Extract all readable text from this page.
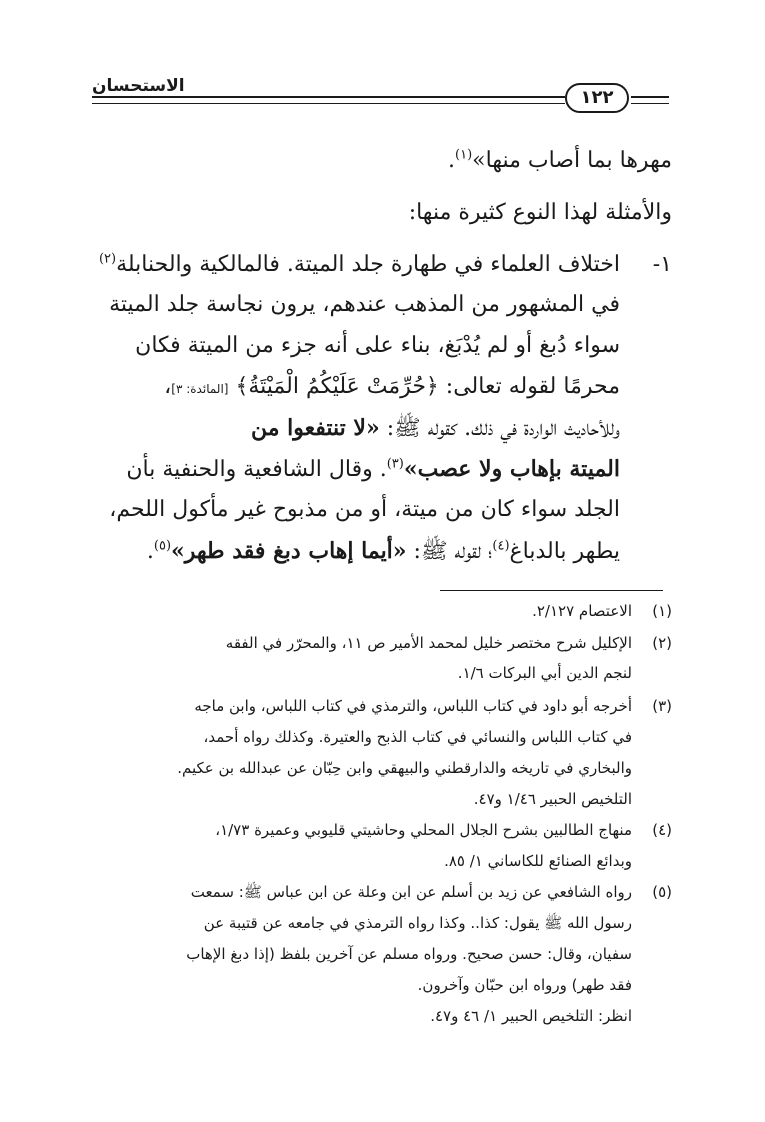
الاستحسان
١٢٢
مهرها بما أصاب منها»$^{(١)}$.
والأمثلة لهذا النوع كثيرة منها:
١-
اختلاف العلماء في طهارة جلد الميتة. فالمالكية والحنابلة$^{(٢)}$
في المشهور من المذهب عندهم، يرون نجاسة جلد الميتة
سواء دُبغ أو لم يُدْبَغ، بناء على أنه جزء من الميتة فكان
محرمًا لقوله تعالى: ﴿حُرِّمَتْ عَلَيْكُمُ الْمَيْتَةُ﴾ [المائدة: ٣]،
وللأحاديث الواردة في ذلك. كقوله ﷺ: «لا تنتفعوا من
الميتة بإهاب ولا عصب»$^{(٣)}$. وقال الشافعية والحنفية بأن
الجلد سواء كان من ميتة، أو من مذبوح غير مأكول اللحم،
يطهر بالدباغ$^{(٤)}$؛ لقوله ﷺ: «أيما إهاب دبغ فقد طهر»$^{(٥)}$.
(١)
الاعتصام ٢/١٢٧.
(٢)
الإكليل شرح مختصر خليل لمحمد الأمير ص ١١، والمحرّر في الفقه
لنجم الدين أبي البركات ١/٦.
(٣)
أخرجه أبو داود في كتاب اللباس، والترمذي في كتاب اللباس، وابن ماجه
في كتاب اللباس والنسائي في كتاب الذبح والعتيرة. وكذلك رواه أحمد،
والبخاري في تاريخه والدارقطني والبيهقي وابن حِبّان عن عبدالله بن عكيم.
التلخيص الحبير ١/٤٦ و٤٧.
(٤)
منهاج الطالبين بشرح الجلال المحلي وحاشيتي قليوبي وعميرة ١/٧٣،
وبدائع الصنائع للكاساني ١/ ٨٥.
(٥)
رواه الشافعي عن زيد بن أسلم عن ابن وعلة عن ابن عباس ﷺ: سمعت
رسول الله ﷺ يقول: كذا.. وكذا رواه الترمذي في جامعه عن قتيبة عن
سفيان، وقال: حسن صحيح. ورواه مسلم عن آخرين بلفظ (إذا دبغ الإهاب
فقد طهر) ورواه ابن حبّان وآخرون.
انظر: التلخيص الحبير ١/ ٤٦ و٤٧.
